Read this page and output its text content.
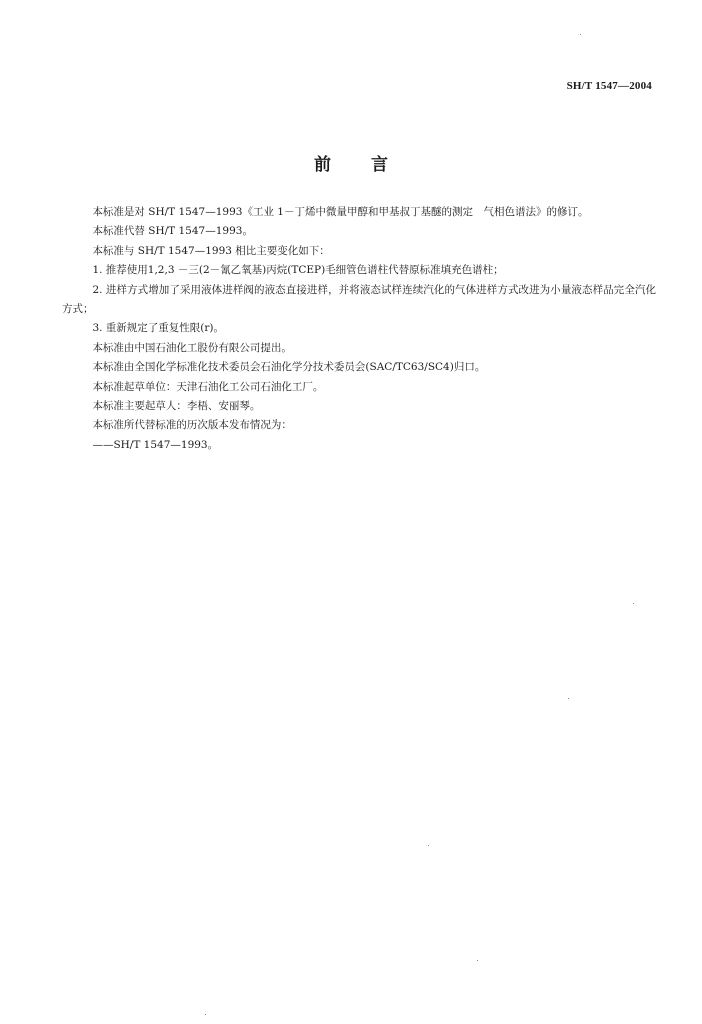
SH/T 1547—2004
前言

本标准是对 SH/T 1547—1993《工业 1－丁烯中微量甲醇和甲基叔丁基醚的测定　气相色谱法》的修订。

本标准代替 SH/T 1547—1993。

本标准与 SH/T 1547—1993 相比主要变化如下：

1. 推荐使用1,2,3 －三(2－氰乙氧基)丙烷(TCEP)毛细管色谱柱代替原标准填充色谱柱；

2. 进样方式增加了采用液体进样阀的液态直接进样，并将液态试样连续汽化的气体进样方式改进为小量液态样品完全汽化方式；

3. 重新规定了重复性限(r)。

本标准由中国石油化工股份有限公司提出。

本标准由全国化学标准化技术委员会石油化学分技术委员会(SAC/TC63/SC4)归口。

本标准起草单位：天津石油化工公司石油化工厂。

本标准主要起草人：李梧、安丽琴。

本标准所代替标准的历次版本发布情况为：

——SH/T 1547—1993。
